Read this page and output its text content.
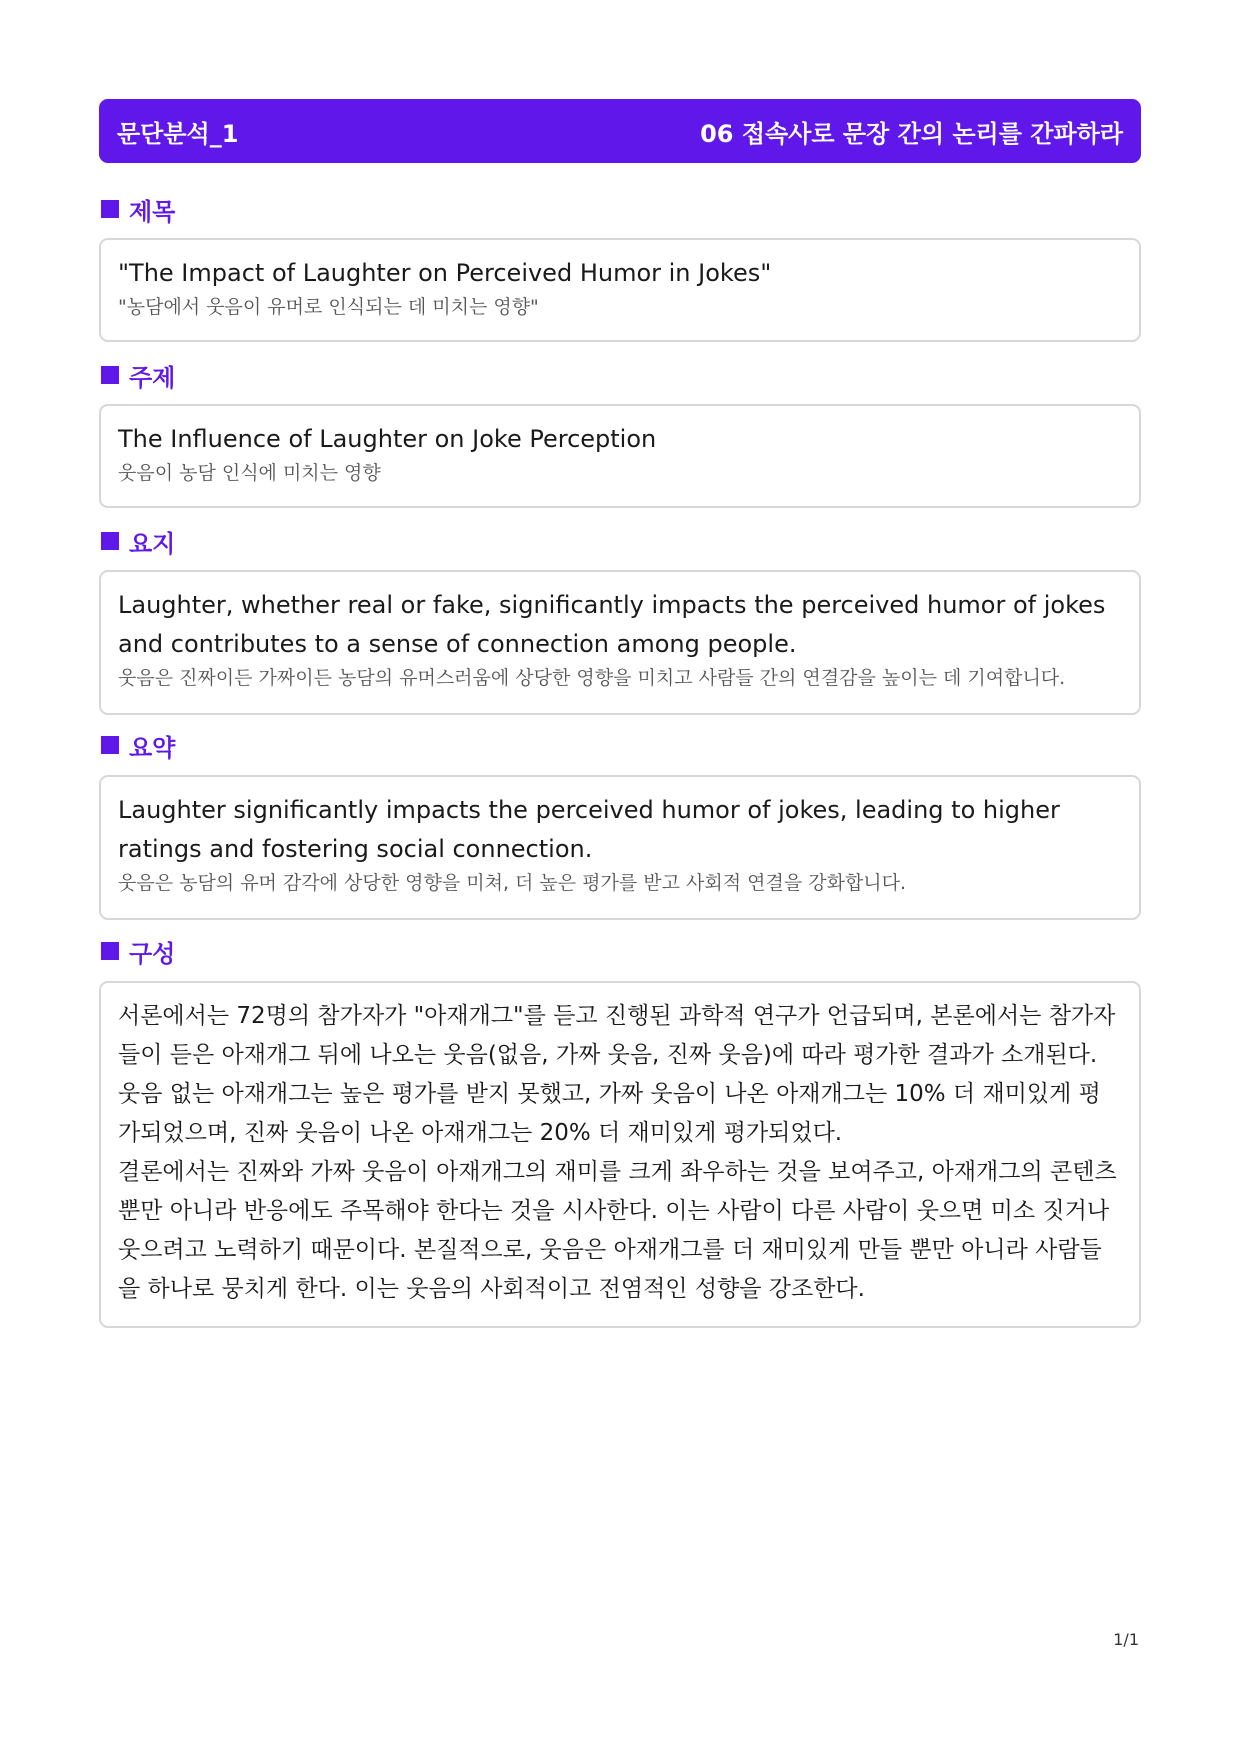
문단분석_1	06 접속사로 문장 간의 논리를 간파하라
제목

"The Impact of Laughter on Perceived Humor in Jokes"

"농담에서 웃음이 유머로 인식되는 데 미치는 영향"

주제

The Influence of Laughter on Joke Perception

웃음이 농담 인식에 미치는 영향

요지

Laughter, whether real or fake, significantly impacts the perceived humor of jokes and contributes to a sense of connection among people.

웃음은 진짜이든 가짜이든 농담의 유머스러움에 상당한 영향을 미치고 사람들 간의 연결감을 높이는 데 기여합니다.

요약

Laughter significantly impacts the perceived humor of jokes, leading to higher ratings and fostering social connection.

웃음은 농담의 유머 감각에 상당한 영향을 미쳐, 더 높은 평가를 받고 사회적 연결을 강화합니다.

구성

서론에서는 72명의 참가자가 "아재개그"를 듣고 진행된 과학적 연구가 언급되며, 본론에서는 참가자들이 듣은 아재개그 뒤에 나오는 웃음(없음, 가짜 웃음, 진짜 웃음)에 따라 평가한 결과가 소개된다. 웃음 없는 아재개그는 높은 평가를 받지 못했고, 가짜 웃음이 나온 아재개그는 10% 더 재미있게 평가되었으며, 진짜 웃음이 나온 아재개그는 20% 더 재미있게 평가되었다.

결론에서는 진짜와 가짜 웃음이 아재개그의 재미를 크게 좌우하는 것을 보여주고, 아재개그의 콘텐츠뿐만 아니라 반응에도 주목해야 한다는 것을 시사한다. 이는 사람이 다른 사람이 웃으면 미소 짓거나 웃으려고 노력하기 때문이다. 본질적으로, 웃음은 아재개그를 더 재미있게 만들 뿐만 아니라 사람들을 하나로 뭉치게 한다. 이는 웃음의 사회적이고 전염적인 성향을 강조한다.

1/1
